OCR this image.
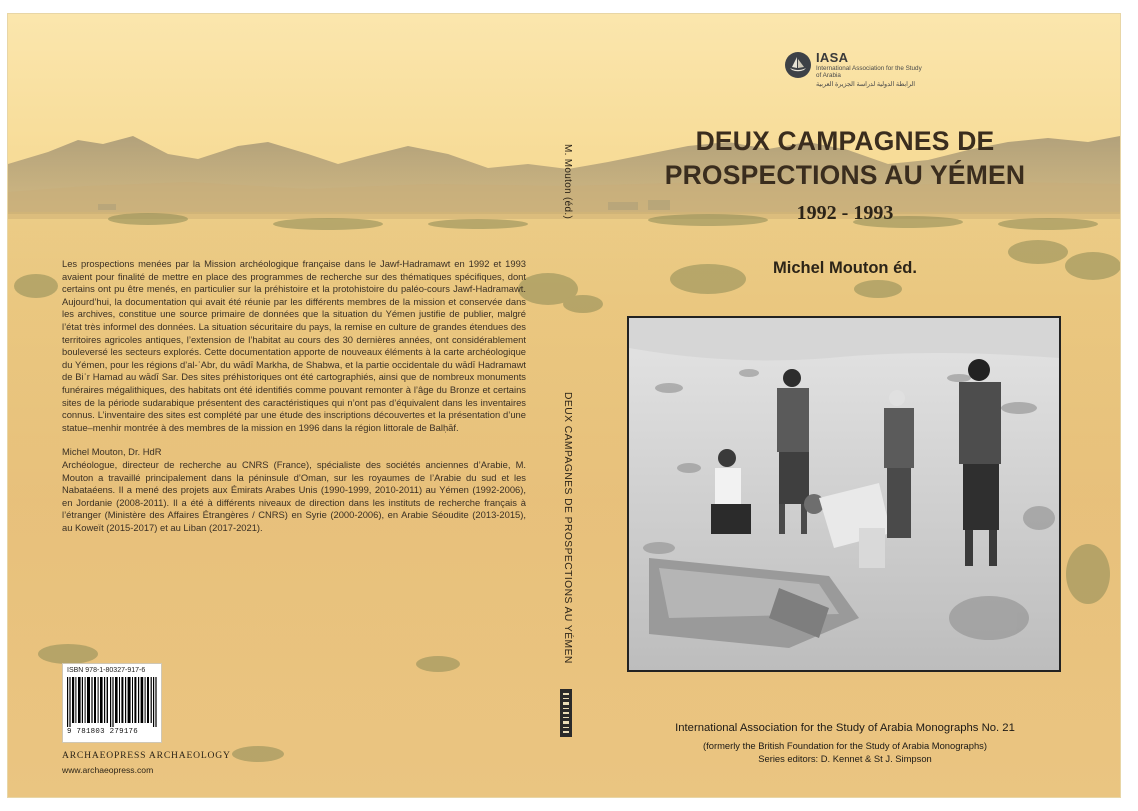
Les prospections menées par la Mission archéologique française dans le Jawf-Hadramawt en 1992 et 1993 avaient pour finalité de mettre en place des programmes de recherche sur des thématiques spécifiques, dont certains ont pu être menés, en particulier sur la préhistoire et la protohistoire du paléo-cours Jawf-Hadramawt. Aujourd’hui, la documentation qui avait été réunie par les différents membres de la mission et conservée dans les archives, constitue une source primaire de données que la situation du Yémen justifie de publier, malgré l’état très informel des données. La situation sécuritaire du pays, la remise en culture de grandes étendues des territoires agricoles antiques, l’extension de l’habitat au cours des 30 dernières années, ont considérablement bouleversé les secteurs explorés. Cette documentation apporte de nouveaux éléments à la carte archéologique du Yémen, pour les régions d’al-ʿAbr, du wādī Markha, de Shabwa, et la partie occidentale du wādī Hadramawt de Biʾr Hamad au wādī Sar. Des sites préhistoriques ont été cartographiés, ainsi que de nombreux monuments funéraires mégalithiques, des habitats ont été identifiés comme pouvant remonter à l’âge du Bronze et certains sites de la période sudarabique présentent des caractéristiques qui n’ont pas d’équivalent dans les inventaires connus. L’inventaire des sites est complété par une étude des inscriptions découvertes et la présentation d’une statue–menhir montrée à des membres de la mission en 1996 dans la région littorale de Balḥāf.

Michel Mouton, Dr. HdR
Archéologue, directeur de recherche au CNRS (France), spécialiste des sociétés anciennes d’Arabie, M. Mouton a travaillé principalement dans la péninsule d’Oman, sur les royaumes de l’Arabie du sud et les Nabataéens. Il a mené des projets aux Émirats Arabes Unis (1990-1999, 2010-2011) au Yémen (1992-2006), en Jordanie (2008-2011). Il a été à différents niveaux de direction dans les instituts de recherche français à l’étranger (Ministère des Affaires Étrangères / CNRS) en Syrie (2000-2006), en Arabie Séoudite (2013-2015), au Koweït (2015-2017) et au Liban (2017-2021).

ISBN 978-1-80327-917-6
9 781803 279176
ARCHAEOPRESS ARCHAEOLOGY
www.archaeopress.com
M. Mouton (éd.)
DEUX CAMPAGNES DE PROSPECTIONS AU YÉMEN
IASA
International Association for the Study of Arabia
الرابطة الدولية لدراسة الجزيرة العربية
DEUX CAMPAGNES DE
PROSPECTIONS AU YÉMEN
1992 - 1993
Michel Mouton éd.
International Association for the Study of Arabia Monographs No. 21
(formerly the British Foundation for the Study of Arabia Monographs)
Series editors: D. Kennet & St J. Simpson
